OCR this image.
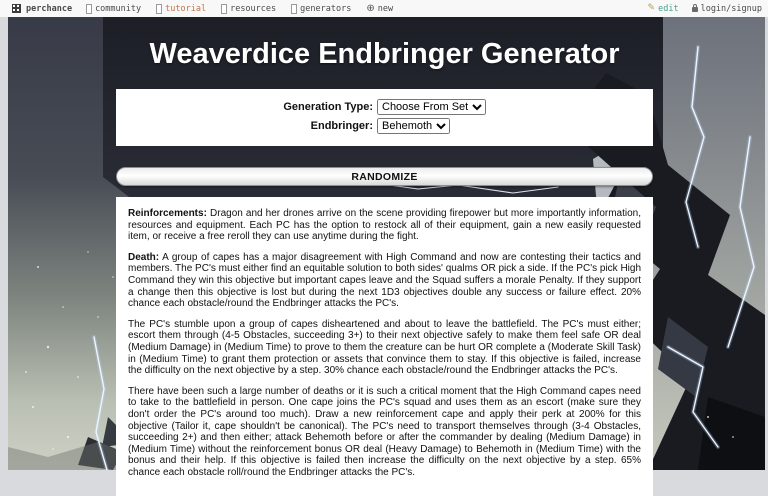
perchance	community	tutorial	resources	generators ⊕ new	✎ edit	login/signup
Weaverdice Endbringer Generator
Generation Type:
Choose From Set
Endbringer:
Behemoth
RANDOMIZE

Reinforcements: Dragon and her drones arrive on the scene providing firepower but more importantly information, resources and equipment. Each PC has the option to restock all of their equipment, gain a new easily requested item, or receive a free reroll they can use anytime during the fight.

Death: A group of capes has a major disagreement with High Command and now are contesting their tactics and members. The PC's must either find an equitable solution to both sides' qualms OR pick a side. If the PC's pick High Command they win this objective but important capes leave and the Squad suffers a morale Penalty. If they support a change then this objective is lost but during the next 1D3 objectives double any success or failure effect. 20% chance each obstacle/round the Endbringer attacks the PC's.

The PC's stumble upon a group of capes disheartened and about to leave the battlefield. The PC's must either; escort them through (4-5 Obstacles, succeeding 3+) to their next objective safely to make them feel safe OR deal (Medium Damage) in (Medium Time) to prove to them the creature can be hurt OR complete a (Moderate Skill Task) in (Medium Time) to grant them protection or assets that convince them to stay. If this objective is failed, increase the difficulty on the next objective by a step. 30% chance each obstacle/round the Endbringer attacks the PC's.

There have been such a large number of deaths or it is such a critical moment that the High Command capes need to take to the battlefield in person. One cape joins the PC's squad and uses them as an escort (make sure they don't order the PC's around too much). Draw a new reinforcement cape and apply their perk at 200% for this objective (Tailor it, cape shouldn't be canonical). The PC's need to transport themselves through (3-4 Obstacles, succeeding 2+) and then either; attack Behemoth before or after the commander by dealing (Medium Damage) in (Medium Time) without the reinforcement bonus OR deal (Heavy Damage) to Behemoth in (Medium Time) with the bonus and their help. If this objective is failed then increase the difficulty on the next objective by a step. 65% chance each obstacle roll/round the Endbringer attacks the PC's.
